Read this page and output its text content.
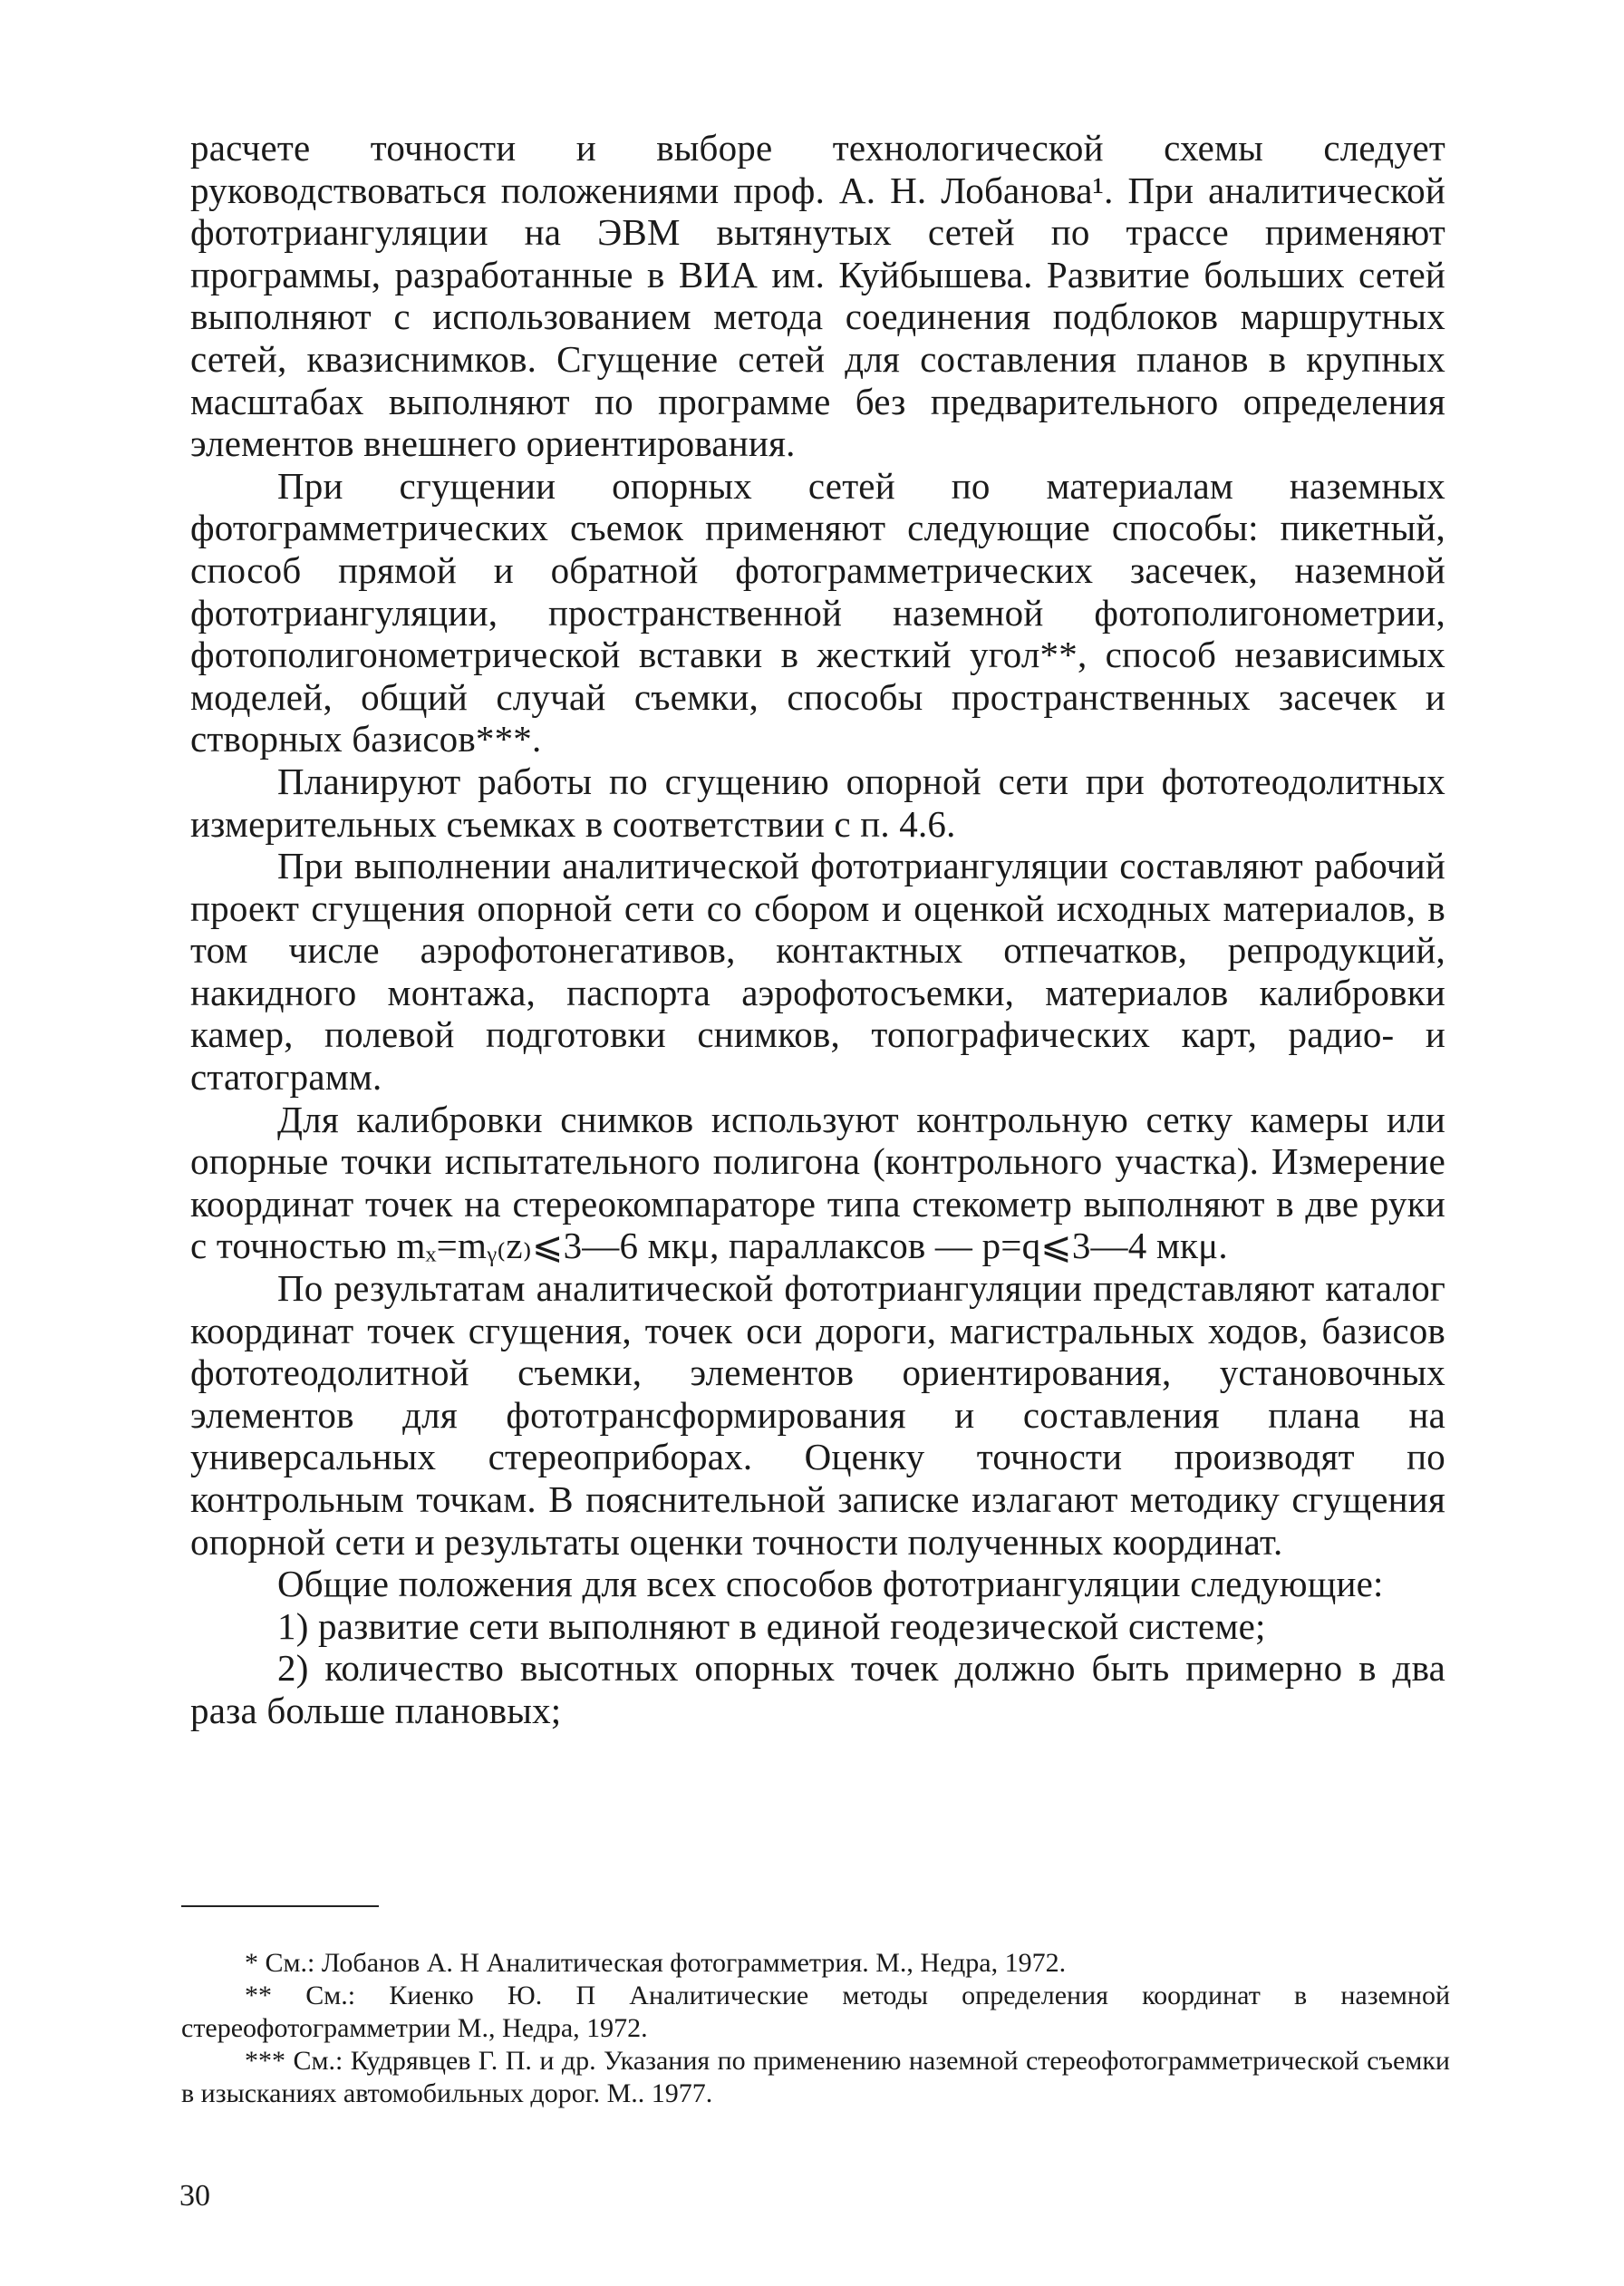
расчете точности и выборе технологической схемы следует руководствоваться положениями проф. А. Н. Лобанова¹. При аналитической фототриангуляции на ЭВМ вытянутых сетей по трассе применяют программы, разработанные в ВИА им. Куйбышева. Развитие больших сетей выполняют с использованием метода соединения подблоков маршрутных сетей, квазиснимков. Сгущение сетей для составления планов в крупных масштабах выполняют по программе без предварительного определения элементов внешнего ориентирования.

При сгущении опорных сетей по материалам наземных фотограмметрических съемок применяют следующие способы: пикетный, способ прямой и обратной фотограмметрических засечек, наземной фототриангуляции, пространственной наземной фотополигонометрии, фотополигонометрической вставки в жесткий угол**, способ независимых моделей, общий случай съемки, способы пространственных засечек и створных базисов***.

Планируют работы по сгущению опорной сети при фототеодолитных измерительных съемках в соответствии с п. 4.6.

При выполнении аналитической фототриангуляции составляют рабочий проект сгущения опорной сети со сбором и оценкой исходных материалов, в том числе аэрофотонегативов, контактных отпечатков, репродукций, накидного монтажа, паспорта аэрофотосъемки, материалов калибровки камер, полевой подготовки снимков, топографических карт, радио- и статограмм.

Для калибровки снимков используют контрольную сетку камеры или опорные точки испытательного полигона (контрольного участка). Измерение координат точек на стереокомпараторе типа стекометр выполняют в две руки с точностью mₓ=mᵧ₍z₎⩽3—6 мкμ, параллаксов — p=q⩽3—4 мкμ.

По результатам аналитической фототриангуляции представляют каталог координат точек сгущения, точек оси дороги, магистральных ходов, базисов фототеодолитной съемки, элементов ориентирования, установочных элементов для фототрансформирования и составления плана на универсальных стереоприборах. Оценку точности производят по контрольным точкам. В пояснительной записке излагают методику сгущения опорной сети и результаты оценки точности полученных координат.

Общие положения для всех способов фототриангуляции следующие:

1) развитие сети выполняют в единой геодезической системе;

2) количество высотных опорных точек должно быть примерно в два раза больше плановых;

* См.: Лобанов А. Н Аналитическая фотограмметрия. М., Недра, 1972.

** См.: Киенко Ю. П Аналитические методы определения координат в наземной стереофотограмметрии М., Недра, 1972.

*** См.: Кудрявцев Г. П. и др. Указания по применению наземной стереофотограмметрической съемки в изысканиях автомобильных дорог. М.. 1977.

30
